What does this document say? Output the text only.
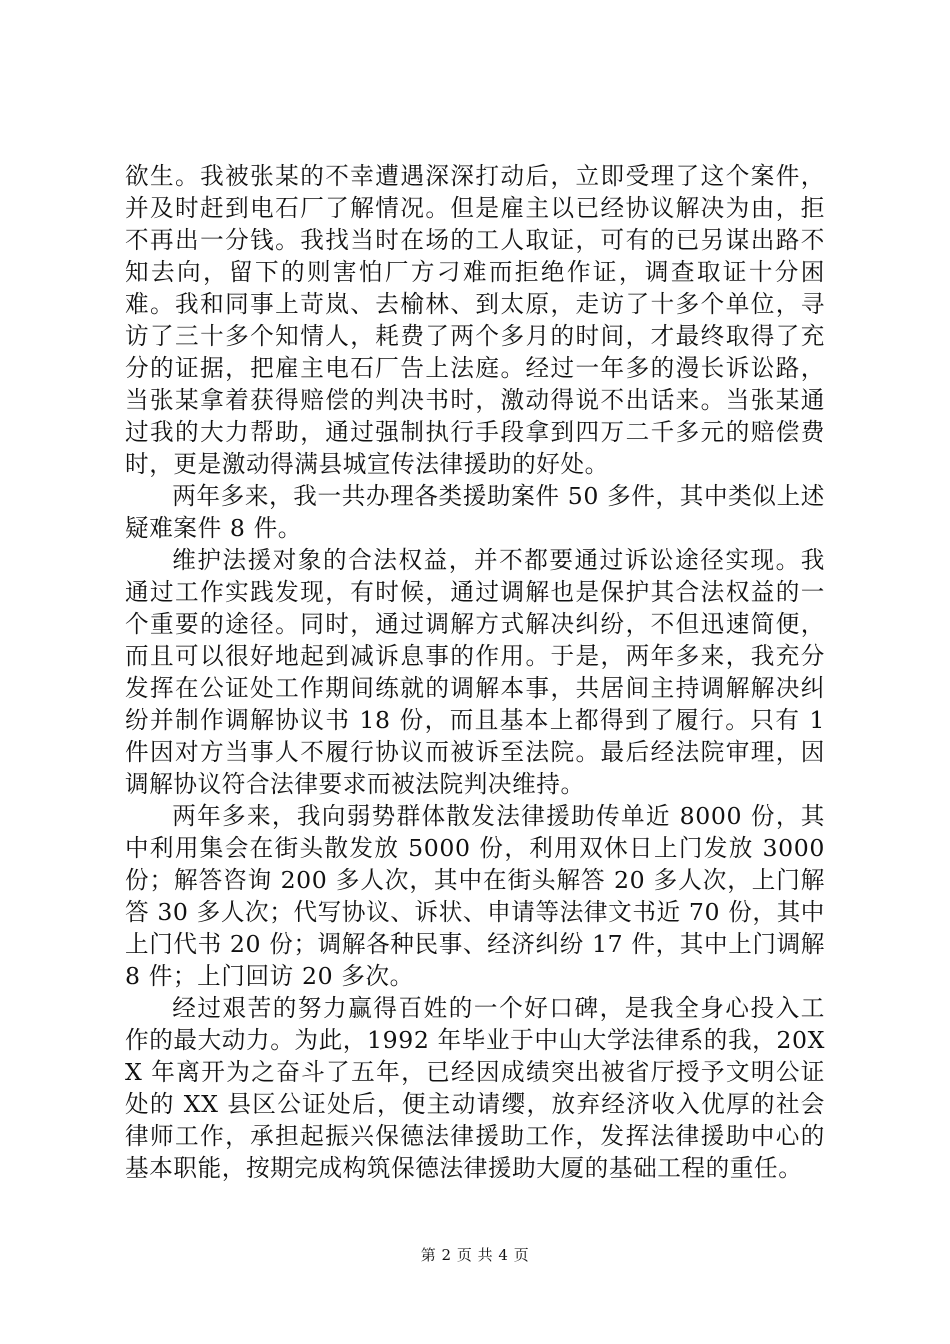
欲生。我被张某的不幸遭遇深深打动后，立即受理了这个案件，并及时赶到电石厂了解情况。但是雇主以已经协议解决为由，拒不再出一分钱。我找当时在场的工人取证，可有的已另谋出路不知去向，留下的则害怕厂方刁难而拒绝作证，调查取证十分困难。我和同事上苛岚、去榆林、到太原，走访了十多个单位，寻访了三十多个知情人，耗费了两个多月的时间，才最终取得了充分的证据，把雇主电石厂告上法庭。经过一年多的漫长诉讼路，当张某拿着获得赔偿的判决书时，激动得说不出话来。当张某通过我的大力帮助，通过强制执行手段拿到四万二千多元的赔偿费时，更是激动得满县城宣传法律援助的好处。

两年多来，我一共办理各类援助案件 50 多件，其中类似上述疑难案件 8 件。

维护法援对象的合法权益，并不都要通过诉讼途径实现。我通过工作实践发现，有时候，通过调解也是保护其合法权益的一个重要的途径。同时，通过调解方式解决纠纷，不但迅速简便，而且可以很好地起到减诉息事的作用。于是，两年多来，我充分发挥在公证处工作期间练就的调解本事，共居间主持调解解决纠纷并制作调解协议书 18 份，而且基本上都得到了履行。只有 1 件因对方当事人不履行协议而被诉至法院。最后经法院审理，因调解协议符合法律要求而被法院判决维持。

两年多来，我向弱势群体散发法律援助传单近 8000 份，其中利用集会在街头散发放 5000 份，利用双休日上门发放 3000 份；解答咨询 200 多人次，其中在街头解答 20 多人次，上门解答 30 多人次；代写协议、诉状、申请等法律文书近 70 份，其中上门代书 20 份；调解各种民事、经济纠纷 17 件，其中上门调解 8 件；上门回访 20 多次。

经过艰苦的努力赢得百姓的一个好口碑，是我全身心投入工作的最大动力。为此，1992 年毕业于中山大学法律系的我，20XX 年离开为之奋斗了五年，已经因成绩突出被省厅授予文明公证处的 XX 县区公证处后，便主动请缨，放弃经济收入优厚的社会律师工作，承担起振兴保德法律援助工作，发挥法律援助中心的基本职能，按期完成构筑保德法律援助大厦的基础工程的重任。

第 2 页 共 4 页
